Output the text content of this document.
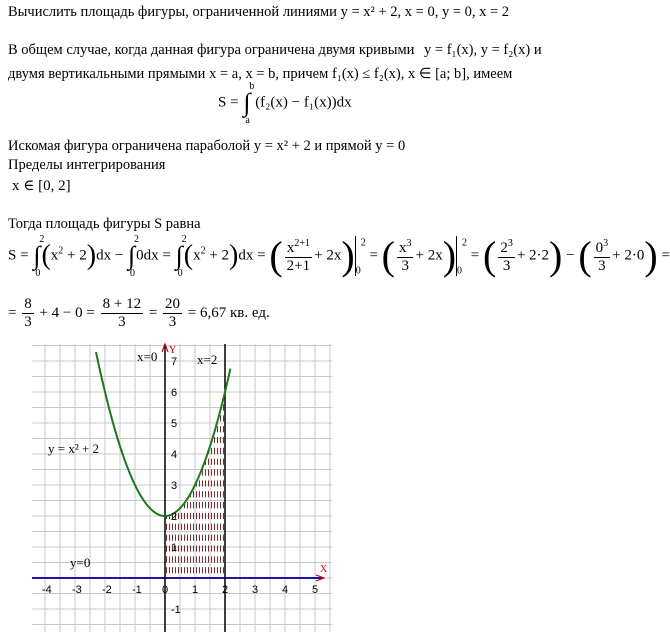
Вычислить площадь фигуры, ограниченной линиями y = x² + 2, x = 0, y = 0, x = 2
В общем случае, когда данная фигура ограничена двумя кривыми y = f₁(x), y = f₂(x) и
двумя вертикальными прямыми x = a, x = b, причем f₁(x) ≤ f₂(x), x ∈ [a; b], имеем
S = ∫
b
a
(f₂(x) − f₁(x))dx
Искомая фигура ограничена параболой y = x² + 2 и прямой y = 0
Пределы интегрирования
x ∈ [0, 2]
Тогда площадь фигуры S равна
S = ∫
2
0
$(x^2 + 2)dx$ − ∫
2
0
0dx = ∫
2
0
$(x^2 + 2)dx$ = ( $\frac{x^{2+1}}{2+1} + 2x)_0^2$ = ( $\frac{x^3}{3} + 2x)_0^2$ = ( $\frac{2^3}{3} + 2\cdot 2$) − ( $\frac{0^3}{3} + 2\cdot 0$) =
= $\frac{8}{3} + 4 - 0 = \frac{8 + 12}{3} = \frac{20}{3} = 6,67$ кв. ед.
-4 -3 -2 -1 0 1 2 3 4 5
7
6
5
4
3
2
1
-1
Y
X
x=0	x=2
y = x² + 2
y=0
